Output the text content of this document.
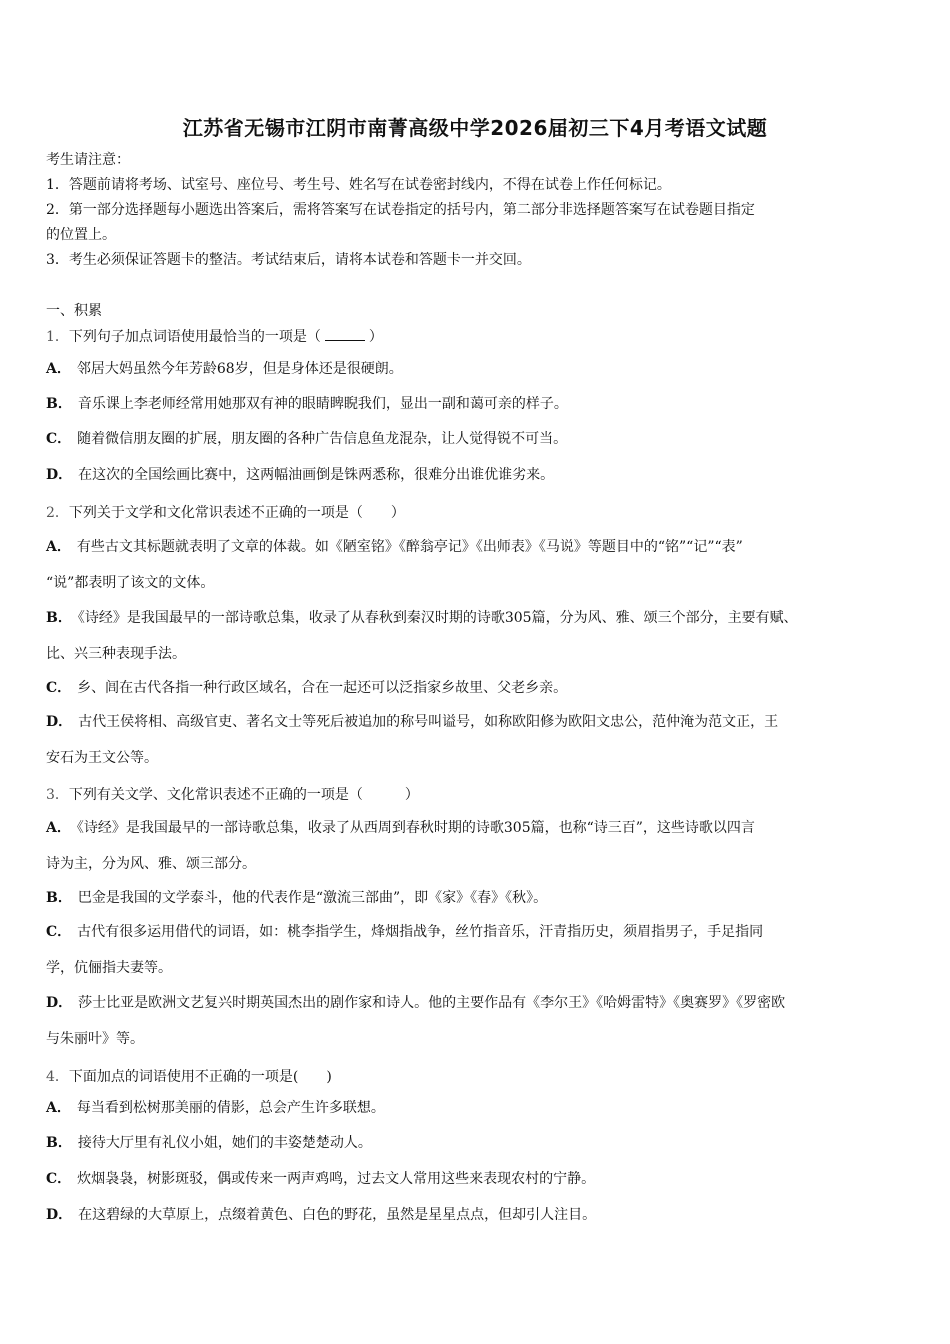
江苏省无锡市江阴市南菁高级中学2026届初三下4月考语文试题

考生请注意：

1．答题前请将考场、试室号、座位号、考生号、姓名写在试卷密封线内，不得在试卷上作任何标记。

2．第一部分选择题每小题选出答案后，需将答案写在试卷指定的括号内，第二部分非选择题答案写在试卷题目指定

的位置上。

3．考生必须保证答题卡的整洁。考试结束后，请将本试卷和答题卡一并交回。

一、积累
1．下列句子加点词语使用最恰当的一项是（	）
A． 邻居大妈虽然今年芳龄68岁，但是身体还是很硬朗。
B． 音乐课上李老师经常用她那双有神的眼睛睥睨我们，显出一副和蔼可亲的样子。
C． 随着微信朋友圈的扩展，朋友圈的各种广告信息鱼龙混杂，让人觉得锐不可当。
D． 在这次的全国绘画比赛中，这两幅油画倒是铢两悉称，很难分出谁优谁劣来。
2．下列关于文学和文化常识表述不正确的一项是（　　）
A． 有些古文其标题就表明了文章的体裁。如《陋室铭》《醉翁亭记》《出师表》《马说》等题目中的“铭”“记”“表”
“说”都表明了该文的文体。
B． 《诗经》是我国最早的一部诗歌总集，收录了从春秋到秦汉时期的诗歌305篇，分为风、雅、颂三个部分，主要有赋、
比、兴三种表现手法。
C． 乡、闾在古代各指一种行政区域名，合在一起还可以泛指家乡故里、父老乡亲。
D． 古代王侯将相、高级官吏、著名文士等死后被追加的称号叫谥号，如称欧阳修为欧阳文忠公，范仲淹为范文正，王
安石为王文公等。
3．下列有关文学、文化常识表述不正确的一项是（　　　）
A． 《诗经》是我国最早的一部诗歌总集，收录了从西周到春秋时期的诗歌305篇，也称“诗三百”，这些诗歌以四言
诗为主，分为风、雅、颂三部分。
B． 巴金是我国的文学泰斗，他的代表作是“激流三部曲”，即《家》《春》《秋》。
C． 古代有很多运用借代的词语，如：桃李指学生，烽烟指战争，丝竹指音乐，汗青指历史，须眉指男子，手足指同
学，伉俪指夫妻等。
D． 莎士比亚是欧洲文艺复兴时期英国杰出的剧作家和诗人。他的主要作品有《李尔王》《哈姆雷特》《奥赛罗》《罗密欧
与朱丽叶》等。
4．下面加点的词语使用不正确的一项是(　　)
A． 每当看到松树那美丽的倩影，总会产生许多联想。
B． 接待大厅里有礼仪小姐，她们的丰姿楚楚动人。
C． 炊烟袅袅，树影斑驳，偶或传来一两声鸡鸣，过去文人常用这些来表现农村的宁静。
D． 在这碧绿的大草原上，点缀着黄色、白色的野花，虽然是星星点点，但却引人注目。
